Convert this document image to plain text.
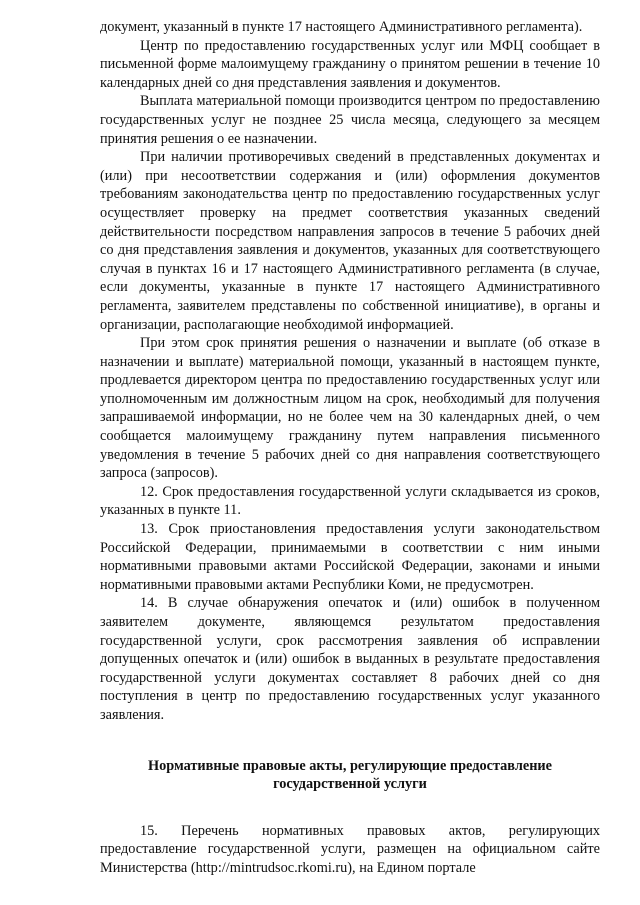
документ, указанный в пункте 17 настоящего Административного регламента).

Центр по предоставлению государственных услуг или МФЦ сообщает в письменной форме малоимущему гражданину о принятом решении в течение 10 календарных дней со дня представления заявления и документов.

Выплата материальной помощи производится центром по предоставлению государственных услуг не позднее 25 числа месяца, следующего за месяцем принятия решения о ее назначении.

При наличии противоречивых сведений в представленных документах и (или) при несоответствии содержания и (или) оформления документов требованиям законодательства центр по предоставлению государственных услуг осуществляет проверку на предмет соответствия указанных сведений действительности посредством направления запросов в течение 5 рабочих дней со дня представления заявления и документов, указанных для соответствующего случая в пунктах 16 и 17 настоящего Административного регламента (в случае, если документы, указанные в пункте 17 настоящего Административного регламента, заявителем представлены по собственной инициативе), в органы и организации, располагающие необходимой информацией.

При этом срок принятия решения о назначении и выплате (об отказе в назначении и выплате) материальной помощи, указанный в настоящем пункте, продлевается директором центра по предоставлению государственных услуг или уполномоченным им должностным лицом на срок, необходимый для получения запрашиваемой информации, но не более чем на 30 календарных дней, о чем сообщается малоимущему гражданину путем направления письменного уведомления в течение 5 рабочих дней со дня направления соответствующего запроса (запросов).

12. Срок предоставления государственной услуги складывается из сроков, указанных в пункте 11.

13. Срок приостановления предоставления услуги законодательством Российской Федерации, принимаемыми в соответствии с ним иными нормативными правовыми актами Российской Федерации, законами и иными нормативными правовыми актами Республики Коми, не предусмотрен.

14. В случае обнаружения опечаток и (или) ошибок в полученном заявителем документе, являющемся результатом предоставления государственной услуги, срок рассмотрения заявления об исправлении допущенных опечаток и (или) ошибок в выданных в результате предоставления государственной услуги документах составляет 8 рабочих дней со дня поступления в центр по предоставлению государственных услуг указанного заявления.

Нормативные правовые акты, регулирующие предоставление государственной услуги

15. Перечень нормативных правовых актов, регулирующих предоставление государственной услуги, размещен на официальном сайте Министерства (http://mintrudsoc.rkomi.ru), на Едином портале
